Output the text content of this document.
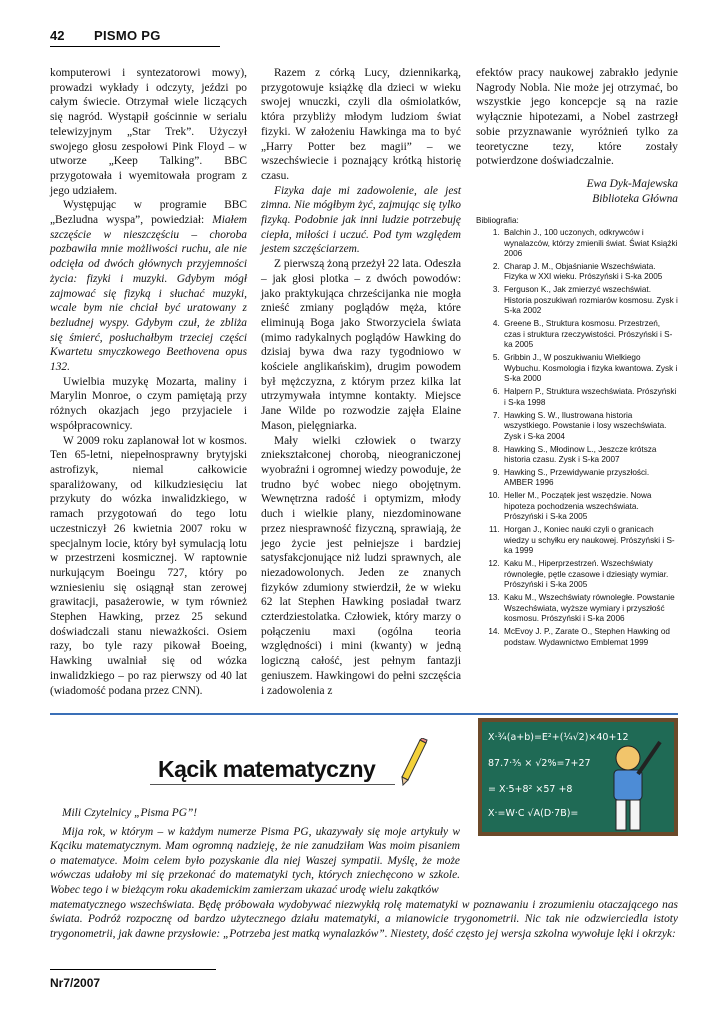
42 PISMO PG

komputerowi i syntezatorowi mowy), prowadzi wykłady i odczyty, jeździ po całym świecie. Otrzymał wiele liczących się nagród. Wystąpił gościnnie w serialu telewizyjnym „Star Trek”. Użyczył swojego głosu zespołowi Pink Floyd – w utworze „Keep Talking”. BBC przygotowała i wyemitowała program z jego udziałem.

Występując w programie BBC „Bezludna wyspa”, powiedział: Miałem szczęście w nieszczęściu – choroba pozbawiła mnie możliwości ruchu, ale nie odcięła od dwóch głównych przyjemności życia: fizyki i muzyki. Gdybym mógł zajmować się fizyką i słuchać muzyki, wcale bym nie chciał być uratowany z bezludnej wyspy. Gdybym czuł, że zbliża się śmierć, posłuchałbym trzeciej części Kwartetu smyczkowego Beethovena opus 132.

Uwielbia muzykę Mozarta, maliny i Marylin Monroe, o czym pamiętają przy różnych okazjach jego przyjaciele i współpracownicy.

W 2009 roku zaplanował lot w kosmos. Ten 65-letni, niepełnosprawny brytyjski astrofizyk, niemal całkowicie sparaliżowany, od kilkudziesięciu lat przykuty do wózka inwalidzkiego, w ramach przygotowań do tego lotu uczestniczył 26 kwietnia 2007 roku w specjalnym locie, który był symulacją lotu w przestrzeni kosmicznej. W raptownie nurkującym Boeingu 727, który po wzniesieniu się osiągnął stan zerowej grawitacji, pasażerowie, w tym również Stephen Hawking, przez 25 sekund doświadczali stanu nieważkości. Osiem razy, bo tyle razy pikował Boeing, Hawking uwalniał się od wózka inwalidzkiego – po raz pierwszy od 40 lat (wiadomość podana przez CNN).

Razem z córką Lucy, dziennikarką, przygotowuje książkę dla dzieci w wieku swojej wnuczki, czyli dla ośmiolatków, która przybliży młodym ludziom świat fizyki. W założeniu Hawkinga ma to być „Harry Potter bez magii” – we wszechświecie i poznający krótką historię czasu.

Fizyka daje mi zadowolenie, ale jest zimna. Nie mógłbym żyć, zajmując się tylko fizyką. Podobnie jak inni ludzie potrzebuję ciepła, miłości i uczuć. Pod tym względem jestem szczęściarzem.

Z pierwszą żoną przeżył 22 lata. Odeszła – jak głosi plotka – z dwóch powodów: jako praktykująca chrześcijanka nie mogła znieść zmiany poglądów męża, które eliminują Boga jako Stworzyciela świata (mimo radykalnych poglądów Hawking do dzisiaj bywa dwa razy tygodniowo w kościele anglikańskim), drugim powodem był mężczyzna, z którym przez kilka lat utrzymywała intymne kontakty. Miejsce Jane Wilde po rozwodzie zajęła Elaine Mason, pielęgniarka.

Mały wielki człowiek o twarzy zniekształconej chorobą, nieograniczonej wyobraźni i ogromnej wiedzy powoduje, że trudno być wobec niego obojętnym. Wewnętrzna radość i optymizm, młody duch i wielkie plany, niezdominowane przez niesprawność fizyczną, sprawiają, że jego życie jest pełniejsze i bardziej satysfakcjonujące niż ludzi sprawnych, ale niezadowolonych. Jeden ze znanych fizyków zdumiony stwierdził, że w wieku 62 lat Stephen Hawking posiadał twarz czterdziestolatka. Człowiek, który marzy o połączeniu maxi (ogólna teoria względności) i mini (kwanty) w jedną logiczną całość, jest pełnym fantazji geniuszem. Hawkingowi do pełni szczęścia i zadowolenia z

efektów pracy naukowej zabrakło jedynie Nagrody Nobla. Nie może jej otrzymać, bo wszystkie jego koncepcje są na razie wyłącznie hipotezami, a Nobel zastrzegł sobie przyznawanie wyróżnień tylko za teoretyczne tezy, które zostały potwierdzone doświadczalnie.

Ewa Dyk-Majewska
Biblioteka Główna
Bibliografia:
1. Balchin J., 100 uczonych, odkrywców i wynalazców, którzy zmienili świat. Świat Książki 2006
2. Charap J. M., Objaśnianie Wszechświata. Fizyka w XXI wieku. Prószyński i S-ka 2005
3. Ferguson K., Jak zmierzyć wszechświat. Historia poszukiwań rozmiarów kosmosu. Zysk i S-ka 2002
4. Greene B., Struktura kosmosu. Przestrzeń, czas i struktura rzeczywistości. Prószyński i S-ka 2005
5. Gribbin J., W poszukiwaniu Wielkiego Wybuchu. Kosmologia i fizyka kwantowa. Zysk i S-ka 2000
6. Halpern P., Struktura wszechświata. Prószyński i S-ka 1998
7. Hawking S. W., Ilustrowana historia wszystkiego. Powstanie i losy wszechświata. Zysk i S-ka 2004
8. Hawking S., Młodinow L., Jeszcze krótsza historia czasu. Zysk i S-ka 2007
9. Hawking S., Przewidywanie przyszłości. AMBER 1996
10. Heller M., Początek jest wszędzie. Nowa hipoteza pochodzenia wszechświata. Prószyński i S-ka 2005
11. Horgan J., Koniec nauki czyli o granicach wiedzy u schyłku ery naukowej. Prószyński i S-ka 1999
12. Kaku M., Hiperprzestrzeń. Wszechświaty równoległe, pętle czasowe i dziesiąty wymiar. Prószyński i S-ka 2005
13. Kaku M., Wszechświaty równoległe. Powstanie Wszechświata, wyższe wymiary i przyszłość kosmosu. Prószyński i S-ka 2006
14. McEvoy J. P., Zarate O., Stephen Hawking od podstaw. Wydawnictwo Emblemat 1999
Kącik matematyczny
X·¾(a+b)=E²+(¼√2)×40+12
87.7·⅗ × √2%=7+27
= X·5+8² ×57 +8
X·=W·C √A(D·7B)=

Mili Czytelnicy „Pisma PG”!

Mija rok, w którym – w każdym numerze Pisma PG, ukazywały się moje artykuły w Kąciku matematycznym. Mam ogromną nadzieję, że nie zanudziłam Was moim pisaniem o matematyce. Moim celem było pozyskanie dla niej Waszej sympatii. Myślę, że może wówczas udałoby mi się przekonać do matematyki tych, których zniechęcono w szkole. Wobec tego i w bieżącym roku akademickim zamierzam ukazać urodę wielu zakątków

matematycznego wszechświata. Będę próbowała wydobywać niezwykłą rolę matematyki w poznawaniu i zrozumieniu otaczającego nas świata. Podróż rozpocznę od bardzo użytecznego działu matematyki, a mianowicie trygonometrii. Nic tak nie odzwierciedla istoty trygonometrii, jak dawne przysłowie: „Potrzeba jest matką wynalazków”. Niestety, dość często jej wersja szkolna wywołuje lęki i okrzyk:

Nr7/2007
